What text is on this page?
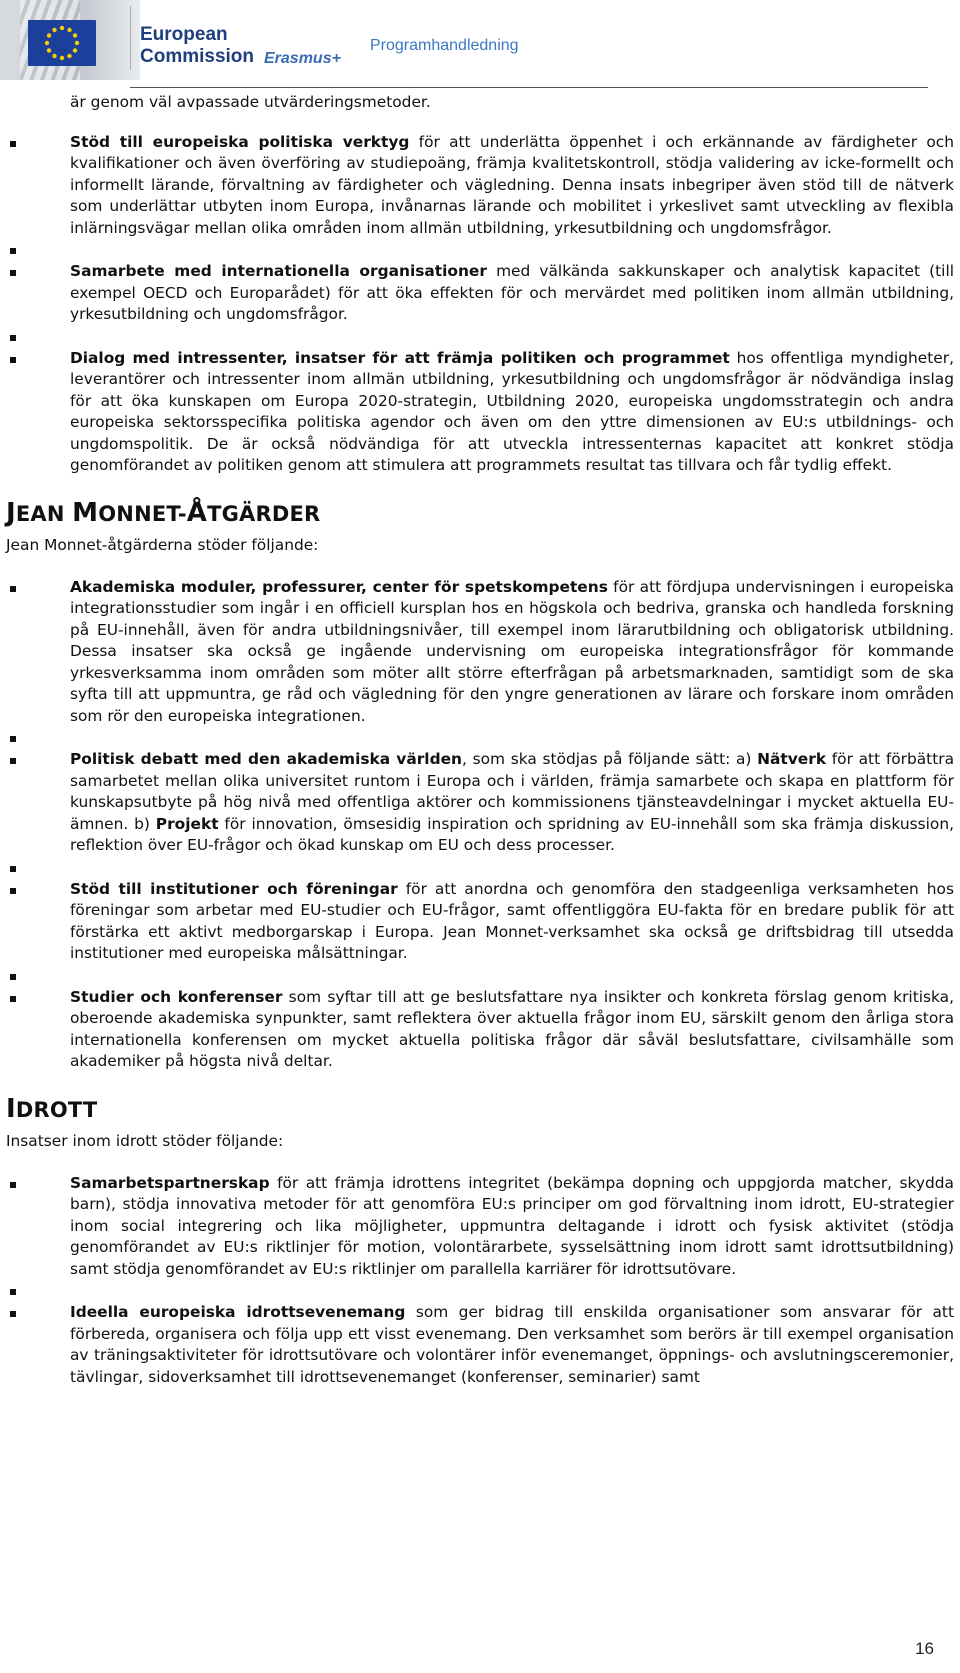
European
Commission Erasmus+
Programhandledning

är genom väl avpassade utvärderingsmetoder.

Stöd till europeiska politiska verktyg för att underlätta öppenhet i och erkännande av färdigheter och kvalifikationer och även överföring av studiepoäng, främja kvalitetskontroll, stödja validering av icke-formellt och informellt lärande, förvaltning av färdigheter och vägledning. Denna insats inbegriper även stöd till de nätverk som underlättar utbyten inom Europa, invånarnas lärande och mobilitet i yrkeslivet samt utveckling av flexibla inlärningsvägar mellan olika områden inom allmän utbildning, yrkesutbildning och ungdomsfrågor.
Samarbete med internationella organisationer med välkända sakkunskaper och analytisk kapacitet (till exempel OECD och Europarådet) för att öka effekten för och mervärdet med politiken inom allmän utbildning, yrkesutbildning och ungdomsfrågor.
Dialog med intressenter, insatser för att främja politiken och programmet hos offentliga myndigheter, leverantörer och intressenter inom allmän utbildning, yrkesutbildning och ungdomsfrågor är nödvändiga inslag för att öka kunskapen om Europa 2020-strategin, Utbildning 2020, europeiska ungdomsstrategin och andra europeiska sektorsspecifika politiska agendor och även om den yttre dimensionen av EU:s utbildnings- och ungdomspolitik. De är också nödvändiga för att utveckla intressenternas kapacitet att konkret stödja genomförandet av politiken genom att stimulera att programmets resultat tas tillvara och får tydlig effekt.
JEAN MONNET-ÅTGÄRDER

Jean Monnet-åtgärderna stöder följande:

Akademiska moduler, professurer, center för spetskompetens för att fördjupa undervisningen i europeiska integrationsstudier som ingår i en officiell kursplan hos en högskola och bedriva, granska och handleda forskning på EU-innehåll, även för andra utbildningsnivåer, till exempel inom lärarutbildning och obligatorisk utbildning. Dessa insatser ska också ge ingående undervisning om europeiska integrationsfrågor för kommande yrkesverksamma inom områden som möter allt större efterfrågan på arbetsmarknaden, samtidigt som de ska syfta till att uppmuntra, ge råd och vägledning för den yngre generationen av lärare och forskare inom områden som rör den europeiska integrationen.
Politisk debatt med den akademiska världen, som ska stödjas på följande sätt: a) Nätverk för att förbättra samarbetet mellan olika universitet runtom i Europa och i världen, främja samarbete och skapa en plattform för kunskapsutbyte på hög nivå med offentliga aktörer och kommissionens tjänsteavdelningar i mycket aktuella EU-ämnen. b) Projekt för innovation, ömsesidig inspiration och spridning av EU-innehåll som ska främja diskussion, reflektion över EU-frågor och ökad kunskap om EU och dess processer.
Stöd till institutioner och föreningar för att anordna och genomföra den stadgeenliga verksamheten hos föreningar som arbetar med EU-studier och EU-frågor, samt offentliggöra EU-fakta för en bredare publik för att förstärka ett aktivt medborgarskap i Europa. Jean Monnet-verksamhet ska också ge driftsbidrag till utsedda institutioner med europeiska målsättningar.
Studier och konferenser som syftar till att ge beslutsfattare nya insikter och konkreta förslag genom kritiska, oberoende akademiska synpunkter, samt reflektera över aktuella frågor inom EU, särskilt genom den årliga stora internationella konferensen om mycket aktuella politiska frågor där såväl beslutsfattare, civilsamhälle som akademiker på högsta nivå deltar.
IDROTT

Insatser inom idrott stöder följande:

Samarbetspartnerskap för att främja idrottens integritet (bekämpa dopning och uppgjorda matcher, skydda barn), stödja innovativa metoder för att genomföra EU:s principer om god förvaltning inom idrott, EU-strategier inom social integrering och lika möjligheter, uppmuntra deltagande i idrott och fysisk aktivitet (stödja genomförandet av EU:s riktlinjer för motion, volontärarbete, sysselsättning inom idrott samt idrottsutbildning) samt stödja genomförandet av EU:s riktlinjer om parallella karriärer för idrottsutövare.
Ideella europeiska idrottsevenemang som ger bidrag till enskilda organisationer som ansvarar för att förbereda, organisera och följa upp ett visst evenemang. Den verksamhet som berörs är till exempel organisation av träningsaktiviteter för idrottsutövare och volontärer inför evenemanget, öppnings- och avslutningsceremonier, tävlingar, sidoverksamhet till idrottsevenemanget (konferenser, seminarier) samt
16
